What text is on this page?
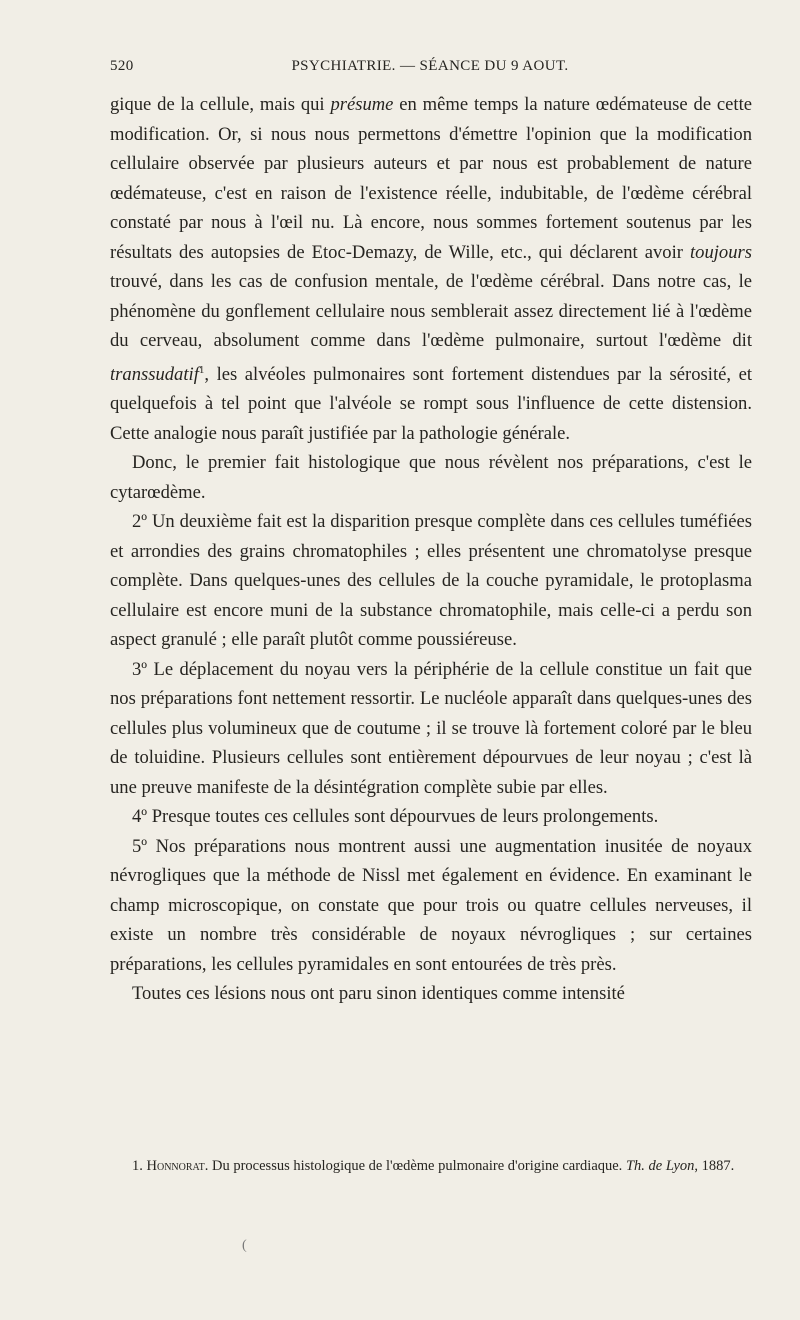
520	PSYCHIATRIE. — SÉANCE DU 9 AOUT.

gique de la cellule, mais qui présume en même temps la nature œdémateuse de cette modification. Or, si nous nous permettons d'émettre l'opinion que la modification cellulaire observée par plusieurs auteurs et par nous est probablement de nature œdémateuse, c'est en raison de l'existence réelle, indubitable, de l'œdème cérébral constaté par nous à l'œil nu. Là encore, nous sommes fortement soutenus par les résultats des autopsies de Etoc-Demazy, de Wille, etc., qui déclarent avoir toujours trouvé, dans les cas de confusion mentale, de l'œdème cérébral. Dans notre cas, le phénomène du gonflement cellulaire nous semblerait assez directement lié à l'œdème du cerveau, absolument comme dans l'œdème pulmonaire, surtout l'œdème dit transsudatif$^1$, les alvéoles pulmonaires sont fortement distendues par la sérosité, et quelquefois à tel point que l'alvéole se rompt sous l'influence de cette distension. Cette analogie nous paraît justifiée par la pathologie générale.

Donc, le premier fait histologique que nous révèlent nos préparations, c'est le cytarœdème.

2º Un deuxième fait est la disparition presque complète dans ces cellules tuméfiées et arrondies des grains chromatophiles ; elles présentent une chromatolyse presque complète. Dans quelques-unes des cellules de la couche pyramidale, le protoplasma cellulaire est encore muni de la substance chromatophile, mais celle-ci a perdu son aspect granulé ; elle paraît plutôt comme poussiéreuse.

3º Le déplacement du noyau vers la périphérie de la cellule constitue un fait que nos préparations font nettement ressortir. Le nucléole apparaît dans quelques-unes des cellules plus volumineux que de coutume ; il se trouve là fortement coloré par le bleu de toluidine. Plusieurs cellules sont entièrement dépourvues de leur noyau ; c'est là une preuve manifeste de la désintégration complète subie par elles.

4º Presque toutes ces cellules sont dépourvues de leurs prolongements.

5º Nos préparations nous montrent aussi une augmentation inusitée de noyaux névrogliques que la méthode de Nissl met également en évidence. En examinant le champ microscopique, on constate que pour trois ou quatre cellules nerveuses, il existe un nombre très considérable de noyaux névrogliques ; sur certaines préparations, les cellules pyramidales en sont entourées de très près.

Toutes ces lésions nous ont paru sinon identiques comme intensité

1. Honnorat. Du processus histologique de l'œdème pulmonaire d'origine cardiaque. Th. de Lyon, 1887.

(
